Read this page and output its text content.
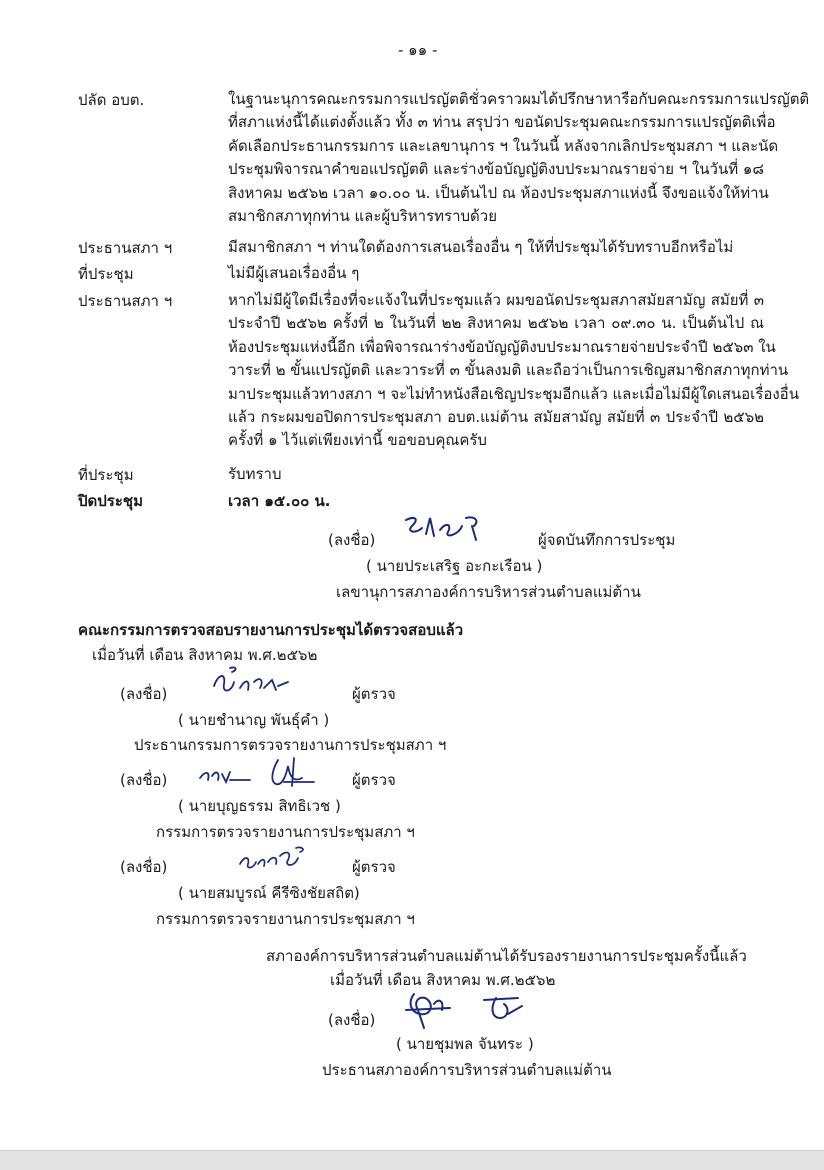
- ๑๑ -
ปลัด อบต.	ในฐานะนุการคณะกรรมการแปรญัตติชั่วคราวผมได้ปรึกษาหารือกับคณะกรรมการแปรญัตติ
ที่สภาแห่งนี้ได้แต่งตั้งแล้ว ทั้ง ๓ ท่าน สรุปว่า ขอนัดประชุมคณะกรรมการแปรญัตติเพื่อ
คัดเลือกประธานกรรมการ และเลขานุการ ฯ ในวันนี้ หลังจากเลิกประชุมสภา ฯ และนัด
ประชุมพิจารณาคำขอแปรญัตติ และร่างข้อบัญญัติงบประมาณรายจ่าย ฯ ในวันที่ ๑๘
สิงหาคม ๒๕๖๒ เวลา ๑๐.๐๐ น. เป็นต้นไป ณ ห้องประชุมสภาแห่งนี้ จึงขอแจ้งให้ท่าน
สมาชิกสภาทุกท่าน และผู้บริหารทราบด้วย
ประธานสภา ฯ	มีสมาชิกสภา ฯ ท่านใดต้องการเสนอเรื่องอื่น ๆ ให้ที่ประชุมได้รับทราบอีกหรือไม่
ที่ประชุม	ไม่มีผู้เสนอเรื่องอื่น ๆ
ประธานสภา ฯ	หากไม่มีผู้ใดมีเรื่องที่จะแจ้งในที่ประชุมแล้ว ผมขอนัดประชุมสภาสมัยสามัญ สมัยที่ ๓
ประจำปี ๒๕๖๒ ครั้งที่ ๒ ในวันที่ ๒๒ สิงหาคม ๒๕๖๒ เวลา ๐๙.๓๐ น. เป็นต้นไป ณ
ห้องประชุมแห่งนี้อีก เพื่อพิจารณาร่างข้อบัญญัติงบประมาณรายจ่ายประจำปี ๒๕๖๓ ใน
วาระที่ ๒ ขั้นแปรญัตติ และวาระที่ ๓ ขั้นลงมติ และถือว่าเป็นการเชิญสมาชิกสภาทุกท่าน
มาประชุมแล้วทางสภา ฯ จะไม่ทำหนังสือเชิญประชุมอีกแล้ว และเมื่อไม่มีผู้ใดเสนอเรื่องอื่น
แล้ว กระผมขอปิดการประชุมสภา อบต.แม่ต้าน สมัยสามัญ สมัยที่ ๓ ประจำปี ๒๕๖๒
ครั้งที่ ๑ ไว้แต่เพียงเท่านี้ ขอขอบคุณครับ
ที่ประชุม	รับทราบ
ปิดประชุม	เวลา ๑๕.๐๐ น.
(ลงชื่อ)	ผู้จดบันทึกการประชุม
( นายประเสริฐ อะกะเรือน )
เลขานุการสภาองค์การบริหารส่วนตำบลแม่ต้าน
คณะกรรมการตรวจสอบรายงานการประชุมได้ตรวจสอบแล้ว
เมื่อวันที่ เดือน สิงหาคม พ.ศ.๒๕๖๒
(ลงชื่อ)	ผู้ตรวจ
( นายชำนาญ พันธุ์คำ )
ประธานกรรมการตรวจรายงานการประชุมสภา ฯ
(ลงชื่อ)	ผู้ตรวจ
( นายบุญธรรม สิทธิเวช )
กรรมการตรวจรายงานการประชุมสภา ฯ
(ลงชื่อ)	ผู้ตรวจ
( นายสมบูรณ์ คีรีซิงชัยสถิต)
กรรมการตรวจรายงานการประชุมสภา ฯ
สภาองค์การบริหารส่วนตำบลแม่ต้านได้รับรองรายงานการประชุมครั้งนี้แล้ว
เมื่อวันที่ เดือน สิงหาคม พ.ศ.๒๕๖๒
(ลงชื่อ)
( นายชุมพล จันทระ )
ประธานสภาองค์การบริหารส่วนตำบลแม่ต้าน
